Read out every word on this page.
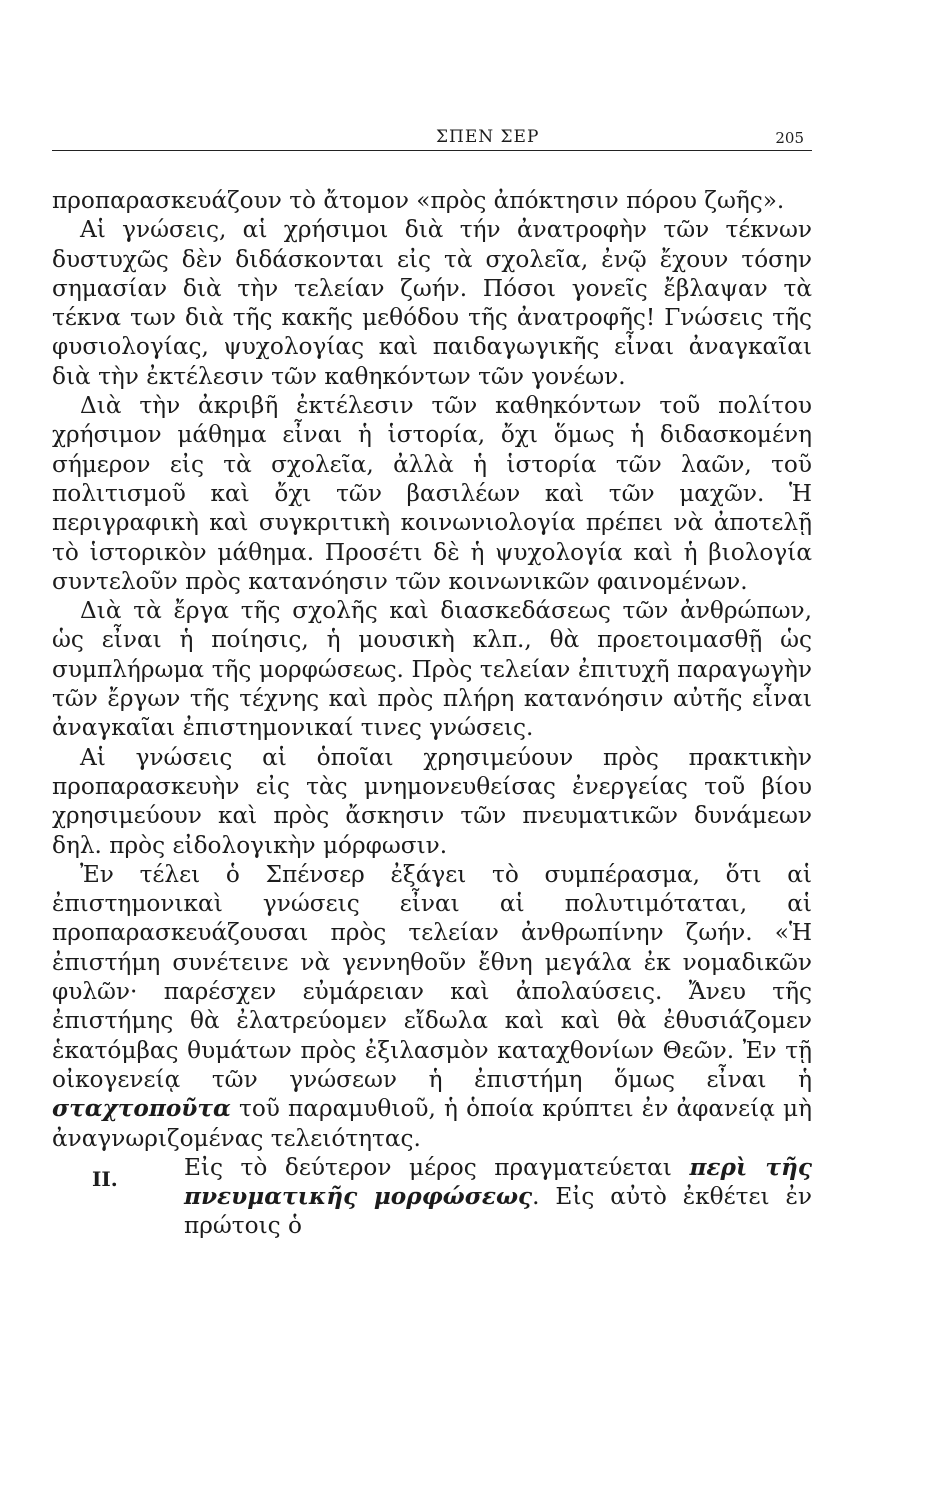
ΣΠΕΝ ΣΕΡ	205

προπαρασκευάζουν τὸ ἄτομον «πρὸς ἀπόκτησιν πόρου ζωῆς».

Αἱ γνώσεις, αἱ χρήσιμοι διὰ τήν ἀνατροφὴν τῶν τέκνων δυστυχῶς δὲν διδάσκονται εἰς τὰ σχολεῖα, ἐνῷ ἔχουν τόσην σημασίαν διὰ τὴν τελείαν ζωήν. Πόσοι γονεῖς ἔβλαψαν τὰ τέκνα των διὰ τῆς κακῆς μεθόδου τῆς ἀνατροφῆς! Γνώσεις τῆς φυσιολογίας, ψυχολογίας καὶ παιδαγωγικῆς εἶναι ἀναγκαῖαι διὰ τὴν ἐκτέλεσιν τῶν καθηκόντων τῶν γονέων.

Διὰ τὴν ἀκριβῆ ἐκτέλεσιν τῶν καθηκόντων τοῦ πολίτου χρήσιμον μάθημα εἶναι ἡ ἱστορία, ὄχι ὅμως ἡ διδασκομένη σήμερον εἰς τὰ σχολεῖα, ἀλλὰ ἡ ἱστορία τῶν λαῶν, τοῦ πολιτισμοῦ καὶ ὄχι τῶν βασιλέων καὶ τῶν μαχῶν. Ἡ περιγραφικὴ καὶ συγκριτικὴ κοινωνιολογία πρέπει νὰ ἀποτελῇ τὸ ἱστορικὸν μάθημα. Προσέτι δὲ ἡ ψυχολογία καὶ ἡ βιολογία συντελοῦν πρὸς κατανόησιν τῶν κοινωνικῶν φαινομένων.

Διὰ τὰ ἔργα τῆς σχολῆς καὶ διασκεδάσεως τῶν ἀνθρώπων, ὡς εἶναι ἡ ποίησις, ἡ μουσικὴ κλπ., θὰ προετοιμασθῇ ὡς συμπλήρωμα τῆς μορφώσεως. Πρὸς τελείαν ἐπιτυχῆ παραγωγὴν τῶν ἔργων τῆς τέχνης καὶ πρὸς πλήρη κατανόησιν αὐτῆς εἶναι ἀναγκαῖαι ἐπιστημονικαί τινες γνώσεις.

Αἱ γνώσεις αἱ ὁποῖαι χρησιμεύουν πρὸς πρακτικὴν προπαρασκευὴν εἰς τὰς μνημονευθείσας ἐνεργείας τοῦ βίου χρησιμεύουν καὶ πρὸς ἄσκησιν τῶν πνευματικῶν δυνάμεων δηλ. πρὸς εἰδολογικὴν μόρφωσιν.

Ἐν τέλει ὁ Σπένσερ ἐξάγει τὸ συμπέρασμα, ὅτι αἱ ἐπιστημονικαὶ γνώσεις εἶναι αἱ πολυτιμόταται, αἱ προπαρασκευάζουσαι πρὸς τελείαν ἀνθρωπίνην ζωήν. «Ἡ ἐπιστήμη συνέτεινε νὰ γεννηθοῦν ἔθνη μεγάλα ἐκ νομαδικῶν φυλῶν· παρέσχεν εὐμάρειαν καὶ ἀπολαύσεις. Ἄνευ τῆς ἐπιστήμης θὰ ἐλατρεύομεν εἴδωλα καὶ καὶ θὰ ἐθυσιάζομεν ἑκατόμβας θυμάτων πρὸς ἐξιλασμὸν καταχθονίων Θεῶν. Ἐν τῇ οἰκογενείᾳ τῶν γνώσεων ἡ ἐπιστήμη ὅμως εἶναι ἡ σταχτοποῦτα τοῦ παραμυθιοῦ, ἡ ὁποία κρύπτει ἐν ἀφανείᾳ μὴ ἀναγνωριζομένας τελειότητας.

II.	Εἰς τὸ δεύτερον μέρος πραγματεύεται περὶ τῆς πνευματικῆς μορφώσεως. Εἰς αὐτὸ ἐκθέτει ἐν πρώτοις ὁ
